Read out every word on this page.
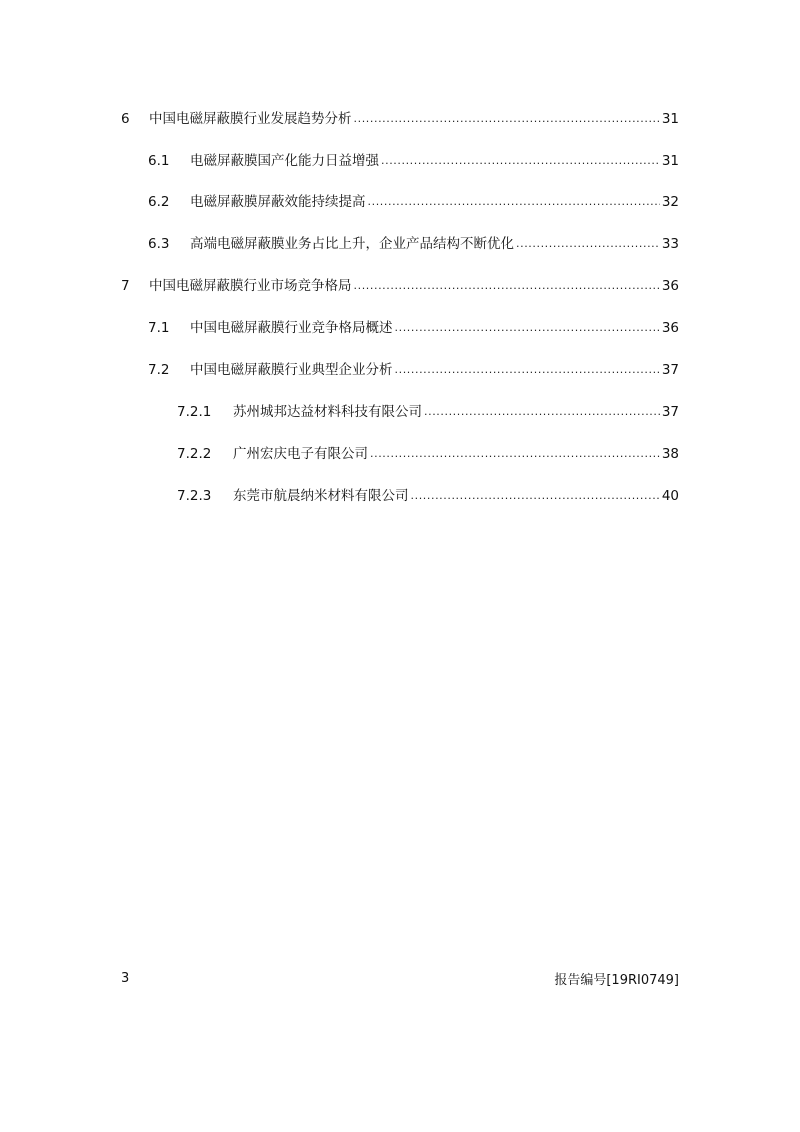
6	中国电磁屏蔽膜行业发展趋势分析 .....	31
6.1	电磁屏蔽膜国产化能力日益增强 .....	31
6.2	电磁屏蔽膜屏蔽效能持续提高 .....	32
6.3	高端电磁屏蔽膜业务占比上升，企业产品结构不断优化 .....	33
7	中国电磁屏蔽膜行业市场竞争格局 .....	36
7.1	中国电磁屏蔽膜行业竞争格局概述 .....	36
7.2	中国电磁屏蔽膜行业典型企业分析 .....	37
7.2.1	苏州城邦达益材料科技有限公司 .....	37
7.2.2	广州宏庆电子有限公司 .....	38
7.2.3	东莞市航晨纳米材料有限公司 .....	40
3	报告编号[19RI0749]
